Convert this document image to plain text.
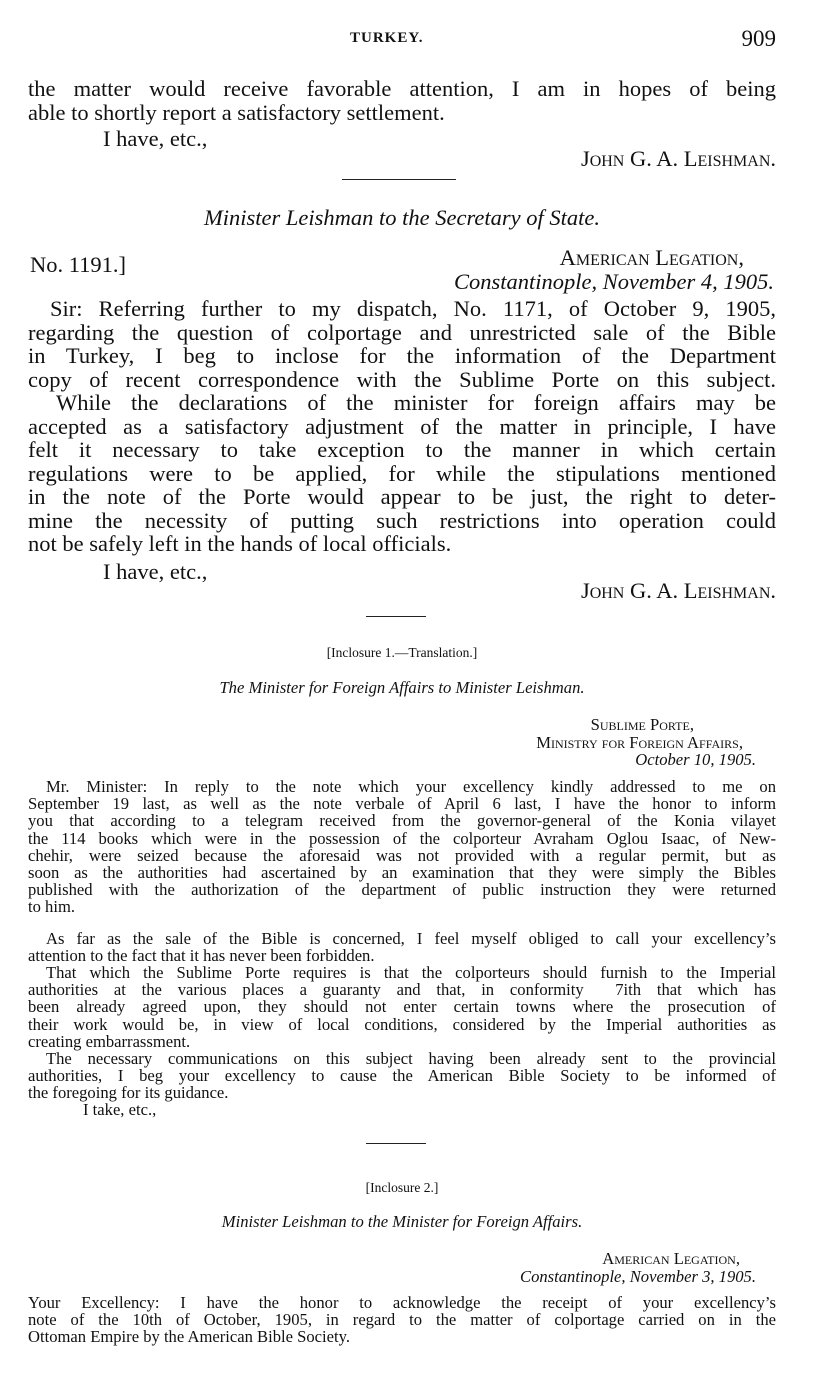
TURKEY.	909
the matter would receive favorable attention, I am in hopes of being
able to shortly report a satisfactory settlement.
I have, etc.,
John G. A. Leishman.
Minister Leishman to the Secretary of State.
No. 1191.]	American Legation,
Constantinople, November 4, 1905.
Sir: Referring further to my dispatch, No. 1171, of October 9, 1905,
regarding the question of colportage and unrestricted sale of the Bible
in Turkey, I beg to inclose for the information of the Department
copy of recent correspondence with the Sublime Porte on this subject.
While the declarations of the minister for foreign affairs may be
accepted as a satisfactory adjustment of the matter in principle, I have
felt it necessary to take exception to the manner in which certain
regulations were to be applied, for while the stipulations mentioned
in the note of the Porte would appear to be just, the right to deter-
mine the necessity of putting such restrictions into operation could
not be safely left in the hands of local officials.
I have, etc.,
John G. A. Leishman.
[Inclosure 1.—Translation.]
The Minister for Foreign Affairs to Minister Leishman.
Sublime Porte,
Ministry for Foreign Affairs,
October 10, 1905.
Mr. Minister: In reply to the note which your excellency kindly addressed to me on
September 19 last, as well as the note verbale of April 6 last, I have the honor to inform
you that according to a telegram received from the governor-general of the Konia vilayet
the 114 books which were in the possession of the colporteur Avraham Oglou Isaac, of New-
chehir, were seized because the aforesaid was not provided with a regular permit, but as
soon as the authorities had ascertained by an examination that they were simply the Bibles
published with the authorization of the department of public instruction they were returned
to him.
As far as the sale of the Bible is concerned, I feel myself obliged to call your excellency’s
attention to the fact that it has never been forbidden.
That which the Sublime Porte requires is that the colporteurs should furnish to the Imperial
authorities at the various places a guaranty and that, in conformity  7ith that which has
been already agreed upon, they should not enter certain towns where the prosecution of
their work would be, in view of local conditions, considered by the Imperial authorities as
creating embarrassment.
The necessary communications on this subject having been already sent to the provincial
authorities, I beg your excellency to cause the American Bible Society to be informed of
the foregoing for its guidance.
I take, etc.,
[Inclosure 2.]
Minister Leishman to the Minister for Foreign Affairs.
American Legation,
Constantinople, November 3, 1905.
Your Excellency: I have the honor to acknowledge the receipt of your excellency’s
note of the 10th of October, 1905, in regard to the matter of colportage carried on in the
Ottoman Empire by the American Bible Society.
